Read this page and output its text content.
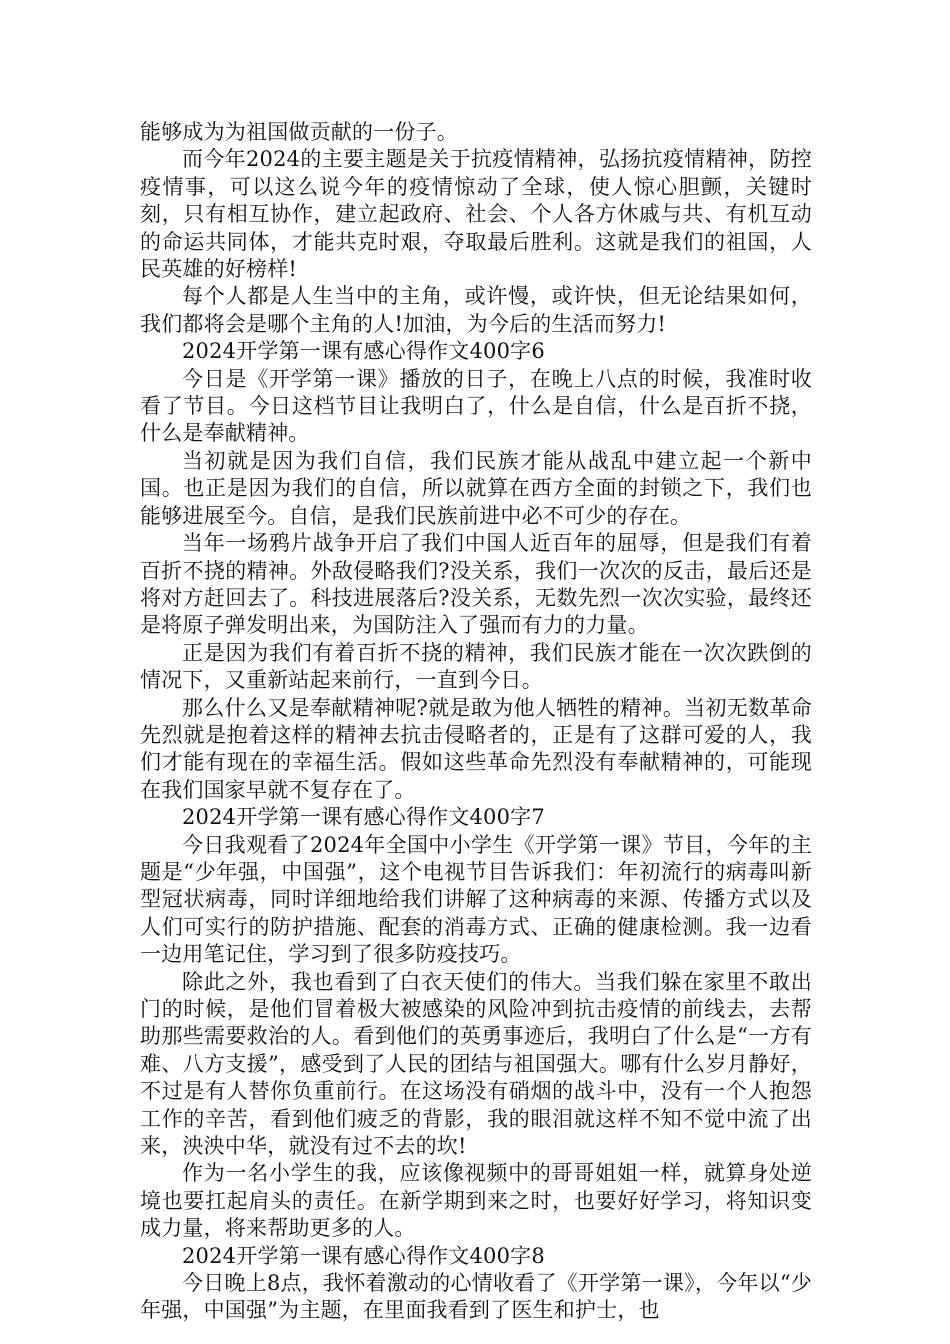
能够成为为祖国做贡献的一份子。

而今年2024的主要主题是关于抗疫情精神，弘扬抗疫情精神，防控疫情事，可以这么说今年的疫情惊动了全球，使人惊心胆颤，关键时刻，只有相互协作，建立起政府、社会、个人各方休戚与共、有机互动的命运共同体，才能共克时艰，夺取最后胜利。这就是我们的祖国，人民英雄的好榜样!

每个人都是人生当中的主角，或许慢，或许快，但无论结果如何，我们都将会是哪个主角的人!加油，为今后的生活而努力!

2024开学第一课有感心得作文400字6

今日是《开学第一课》播放的日子，在晚上八点的时候，我准时收看了节目。今日这档节目让我明白了，什么是自信，什么是百折不挠，什么是奉献精神。

当初就是因为我们自信，我们民族才能从战乱中建立起一个新中国。也正是因为我们的自信，所以就算在西方全面的封锁之下，我们也能够进展至今。自信，是我们民族前进中必不可少的存在。

当年一场鸦片战争开启了我们中国人近百年的屈辱，但是我们有着百折不挠的精神。外敌侵略我们?没关系，我们一次次的反击，最后还是将对方赶回去了。科技进展落后?没关系，无数先烈一次次实验，最终还是将原子弹发明出来，为国防注入了强而有力的力量。

正是因为我们有着百折不挠的精神，我们民族才能在一次次跌倒的情况下，又重新站起来前行，一直到今日。

那么什么又是奉献精神呢?就是敢为他人牺牲的精神。当初无数革命先烈就是抱着这样的精神去抗击侵略者的，正是有了这群可爱的人，我们才能有现在的幸福生活。假如这些革命先烈没有奉献精神的，可能现在我们国家早就不复存在了。

2024开学第一课有感心得作文400字7

今日我观看了2024年全国中小学生《开学第一课》节目，今年的主题是“少年强，中国强”，这个电视节目告诉我们：年初流行的病毒叫新型冠状病毒，同时详细地给我们讲解了这种病毒的来源、传播方式以及人们可实行的防护措施、配套的消毒方式、正确的健康检测。我一边看一边用笔记住，学习到了很多防疫技巧。

除此之外，我也看到了白衣天使们的伟大。当我们躲在家里不敢出门的时候，是他们冒着极大被感染的风险冲到抗击疫情的前线去，去帮助那些需要救治的人。看到他们的英勇事迹后，我明白了什么是“一方有难、八方支援”，感受到了人民的团结与祖国强大。哪有什么岁月静好，不过是有人替你负重前行。在这场没有硝烟的战斗中，没有一个人抱怨工作的辛苦，看到他们疲乏的背影，我的眼泪就这样不知不觉中流了出来，泱泱中华，就没有过不去的坎!

作为一名小学生的我，应该像视频中的哥哥姐姐一样，就算身处逆境也要扛起肩头的责任。在新学期到来之时，也要好好学习，将知识变成力量，将来帮助更多的人。

2024开学第一课有感心得作文400字8

今日晚上8点，我怀着激动的心情收看了《开学第一课》，今年以“少年强，中国强”为主题，在里面我看到了医生和护士，也
